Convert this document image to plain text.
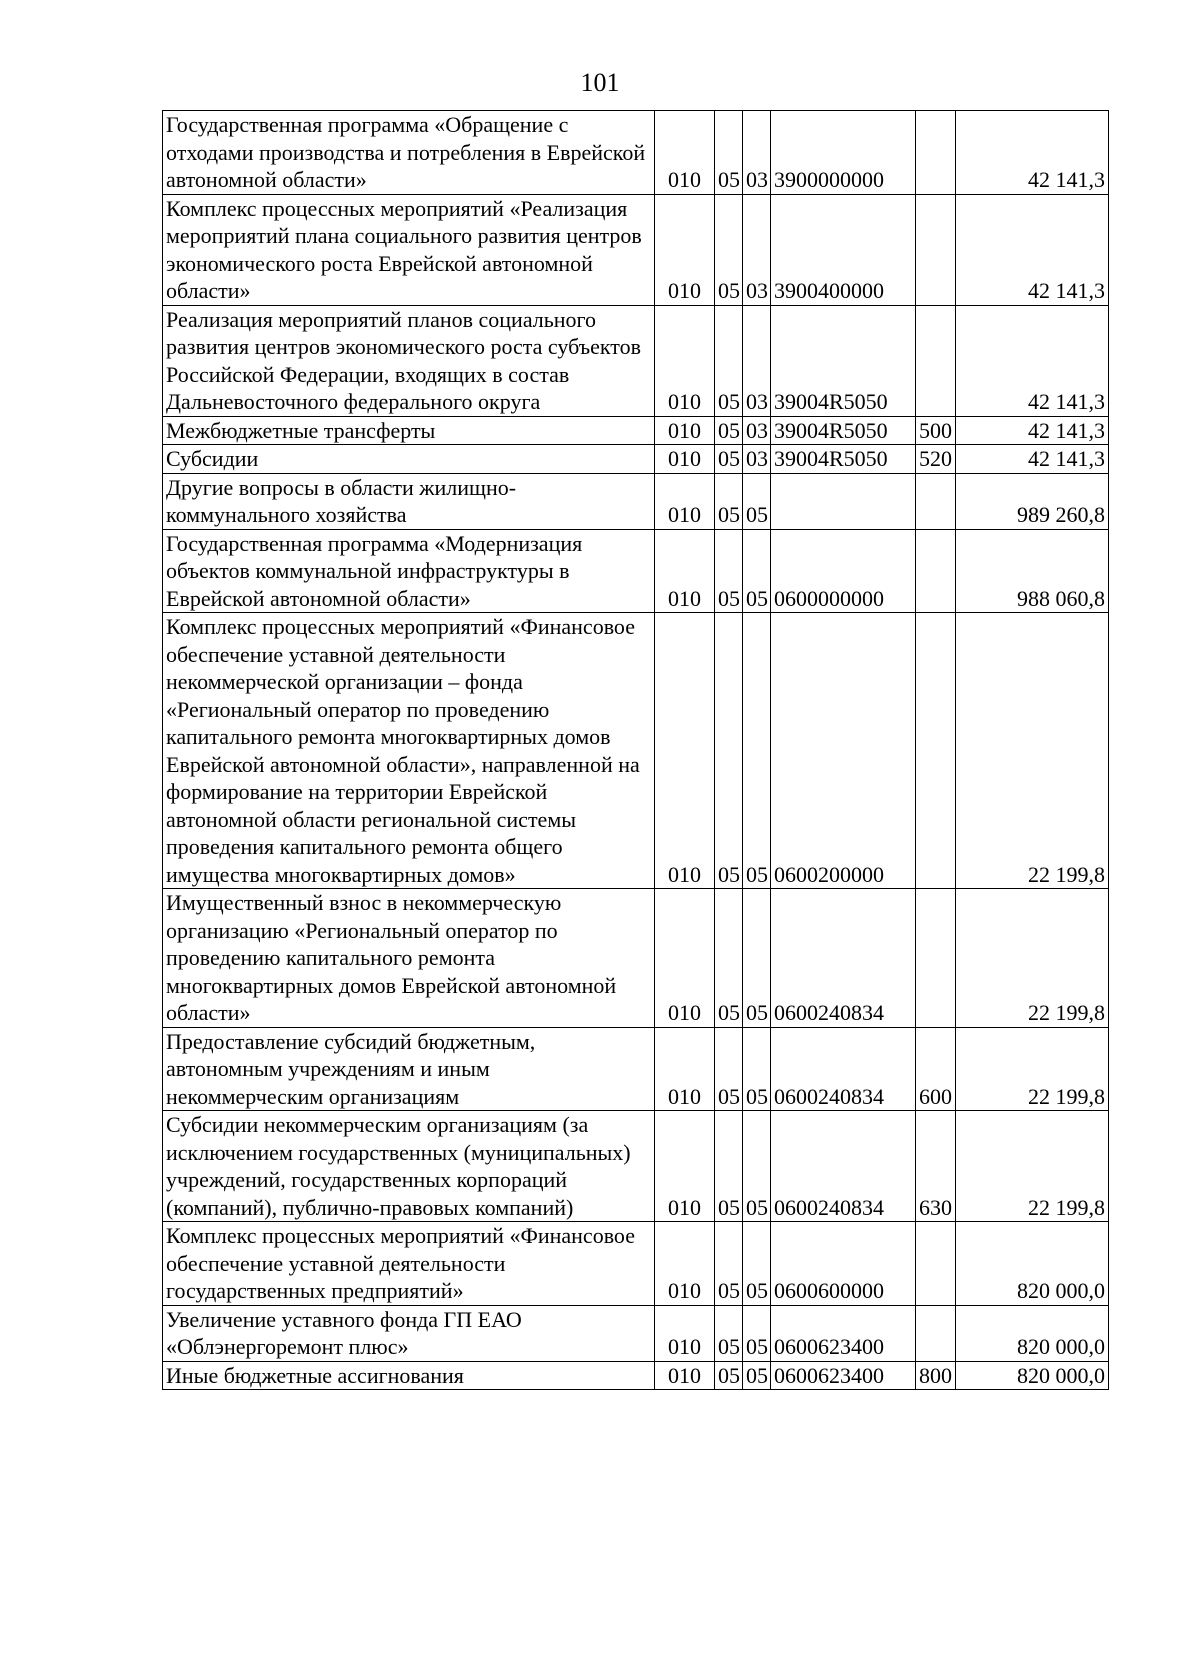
101
Государственная программа «Обращение с отходами производства и потребления в Еврейской автономной области»	010	05	03	3900000000		42 141,3
Комплекс процессных мероприятий «Реализация мероприятий плана социального развития центров экономического роста Еврейской автономной области»	010	05	03	3900400000		42 141,3
Реализация мероприятий планов социального развития центров экономического роста субъектов Российской Федерации, входящих в состав Дальневосточного федерального округа	010	05	03	39004R5050		42 141,3
Межбюджетные трансферты	010	05	03	39004R5050	500	42 141,3
Субсидии	010	05	03	39004R5050	520	42 141,3
Другие вопросы в области жилищно-коммунального хозяйства	010	05	05			989 260,8
Государственная программа «Модернизация объектов коммунальной инфраструктуры в Еврейской автономной области»	010	05	05	0600000000		988 060,8
Комплекс процессных мероприятий «Финансовое обеспечение уставной деятельности некоммерческой организации – фонда «Региональный оператор по проведению капитального ремонта многоквартирных домов Еврейской автономной области», направленной на формирование на территории Еврейской автономной области региональной системы проведения капитального ремонта общего имущества многоквартирных домов»	010	05	05	0600200000		22 199,8
Имущественный взнос в некоммерческую организацию «Региональный оператор по проведению капитального ремонта многоквартирных домов Еврейской автономной области»	010	05	05	0600240834		22 199,8
Предоставление субсидий бюджетным, автономным учреждениям и иным некоммерческим организациям	010	05	05	0600240834	600	22 199,8
Субсидии некоммерческим организациям (за исключением государственных (муниципальных) учреждений, государственных корпораций (компаний), публично-правовых компаний)	010	05	05	0600240834	630	22 199,8
Комплекс процессных мероприятий «Финансовое обеспечение уставной деятельности государственных предприятий»	010	05	05	0600600000		820 000,0
Увеличение уставного фонда ГП ЕАО «Облэнергоремонт плюс»	010	05	05	0600623400		820 000,0
Иные бюджетные ассигнования	010	05	05	0600623400	800	820 000,0
